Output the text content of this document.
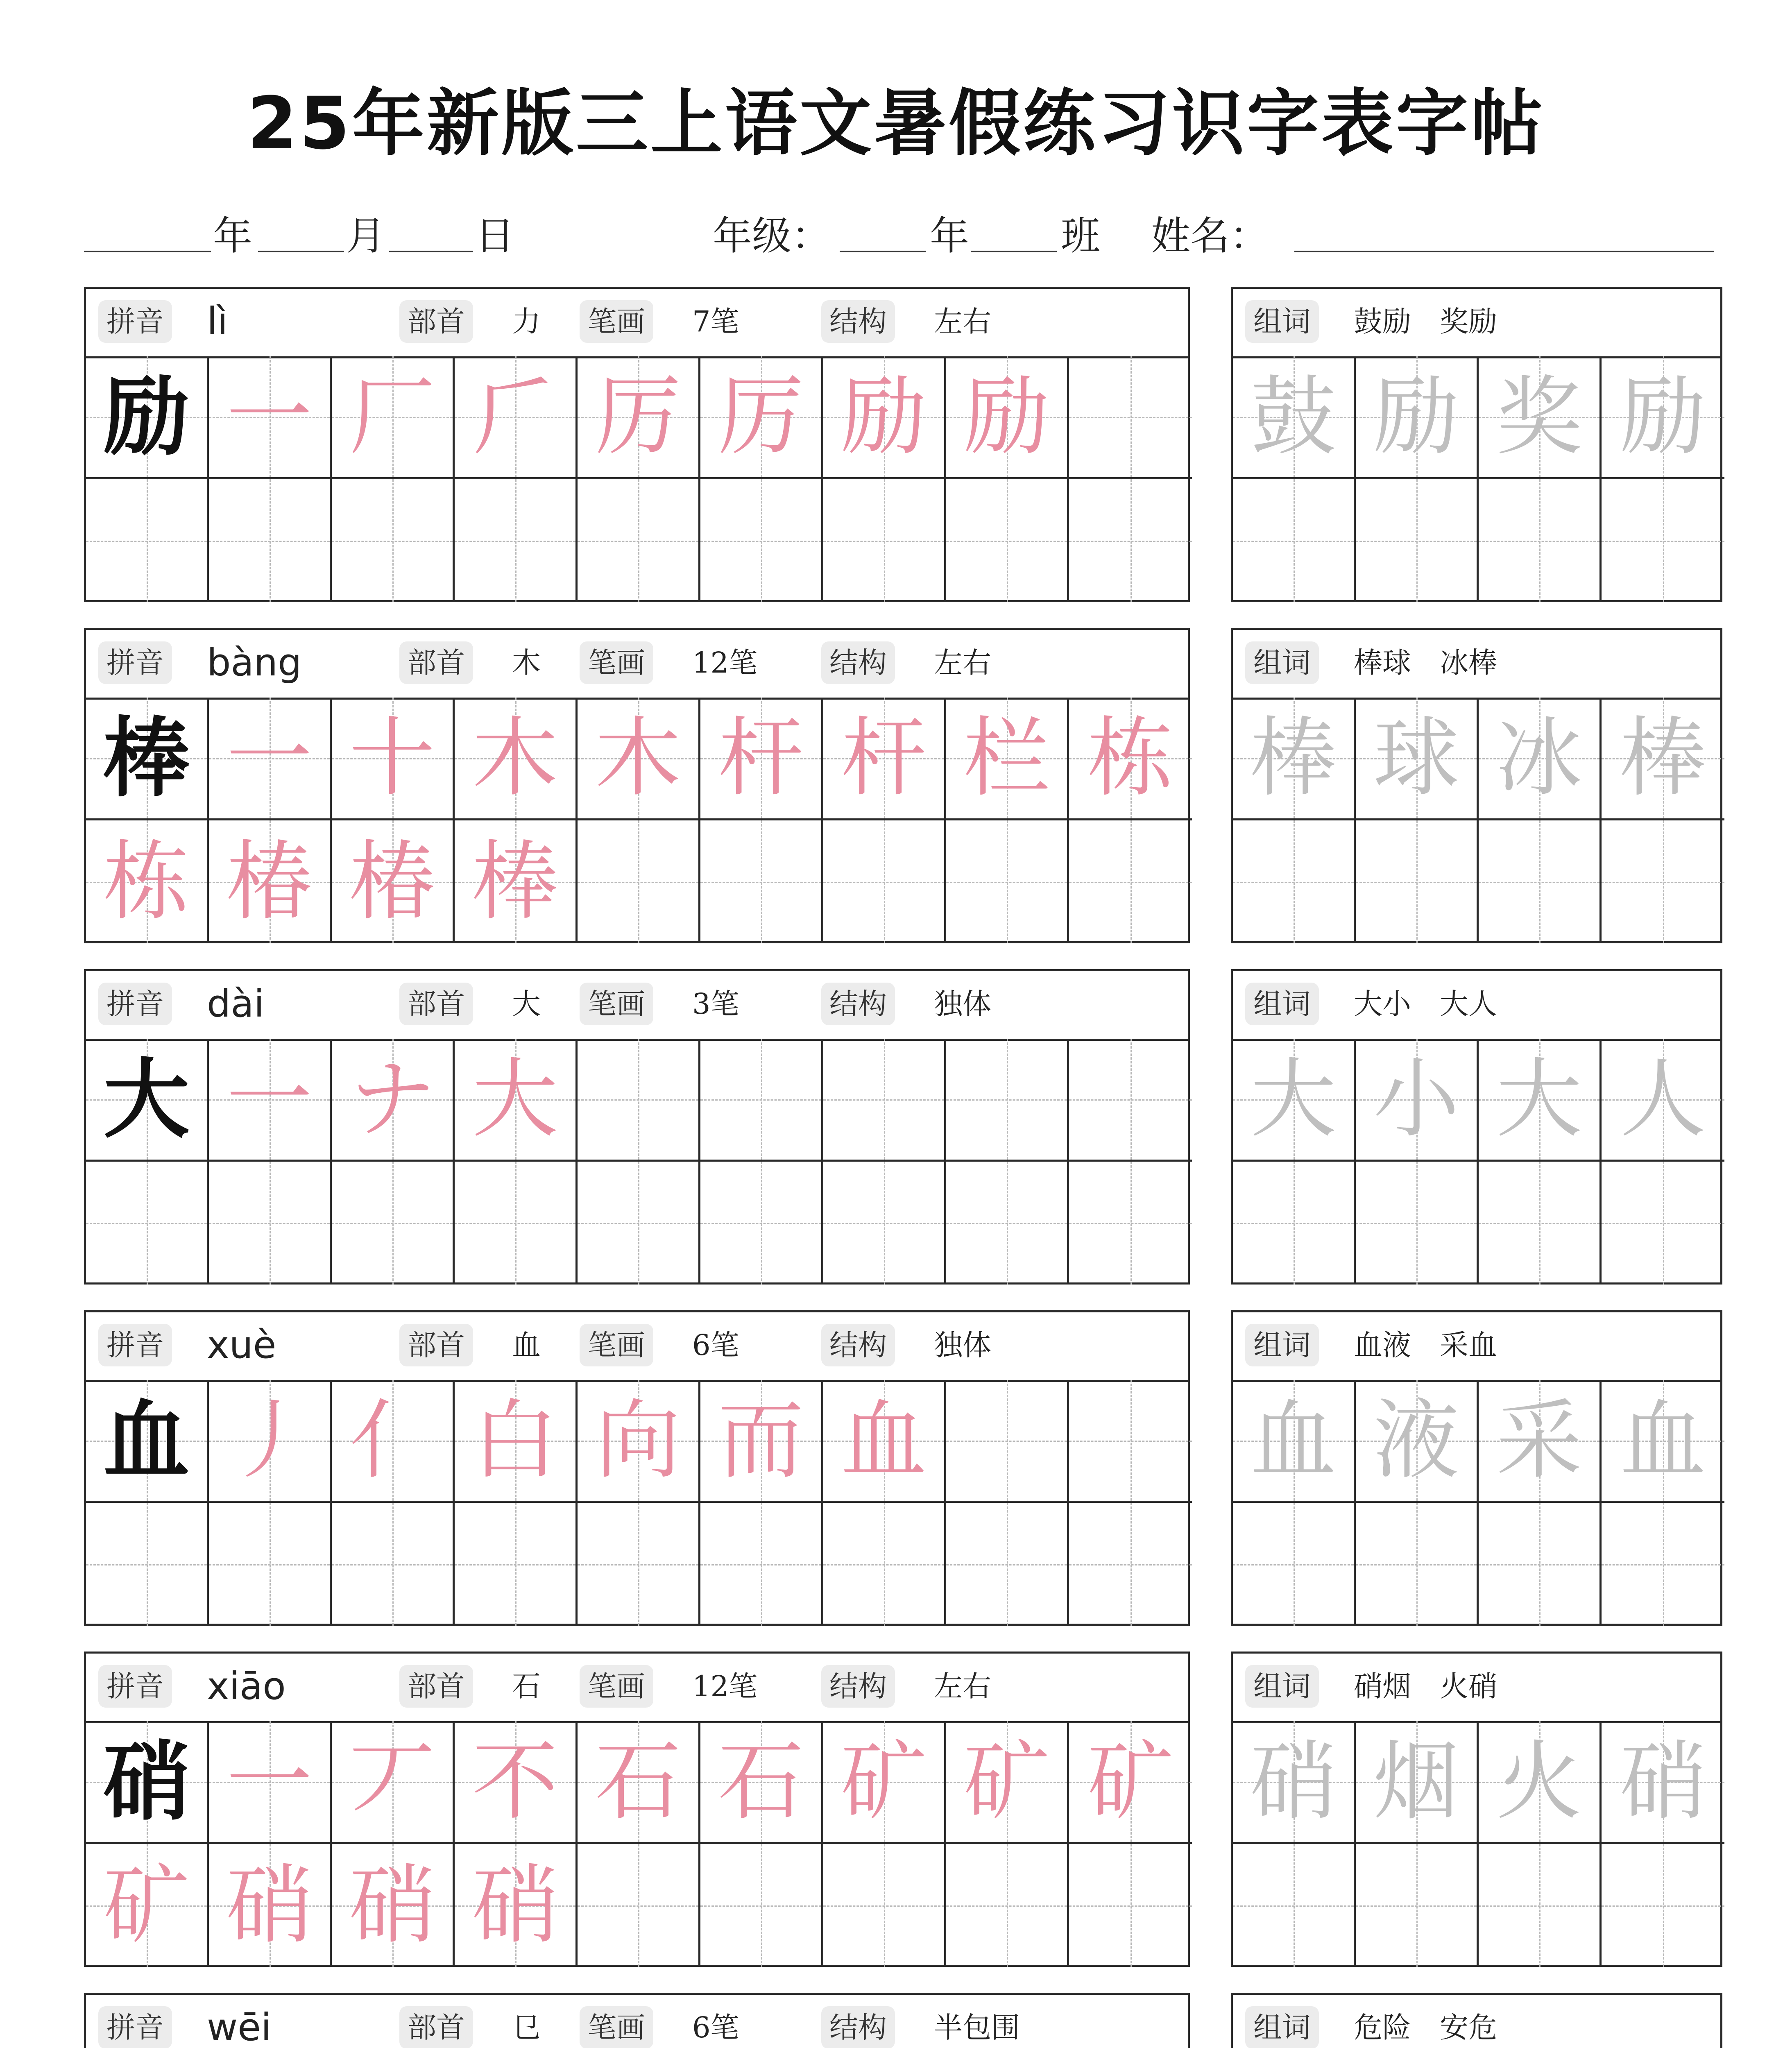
25年新版三上语文暑假练习识字表字帖
年 月 日	年级：	年 班 姓名：
拼音 lì	部首 力 笔画 7笔	结构 左右
励 一 厂 𠂆 厉 厉 励 励
组词 鼓励　奖励
鼓 励 奖 励
拼音 bàng	部首 木 笔画 12笔	结构 左右
棒 一 十 木 木 杆 杆 栏 栋
栋 椿 椿 棒
组词 棒球　冰棒
棒 球 冰 棒
拼音 dài	部首 大 笔画 3笔	结构 独体
大 一 ナ 大
组词 大小　大人
大 小 大 人
拼音 xuè	部首 血 笔画 6笔	结构 独体
血 丿 亻 白 向 而 血
组词 血液　采血
血 液 采 血
拼音 xiāo	部首 石 笔画 12笔	结构 左右
硝 一 丆 不 石 石 矿 矿 矿
矿 硝 硝 硝
组词 硝烟　火硝
硝 烟 火 硝
拼音 wēi	部首 㔾 笔画 6笔	结构 半包围	组词 危险　安危
